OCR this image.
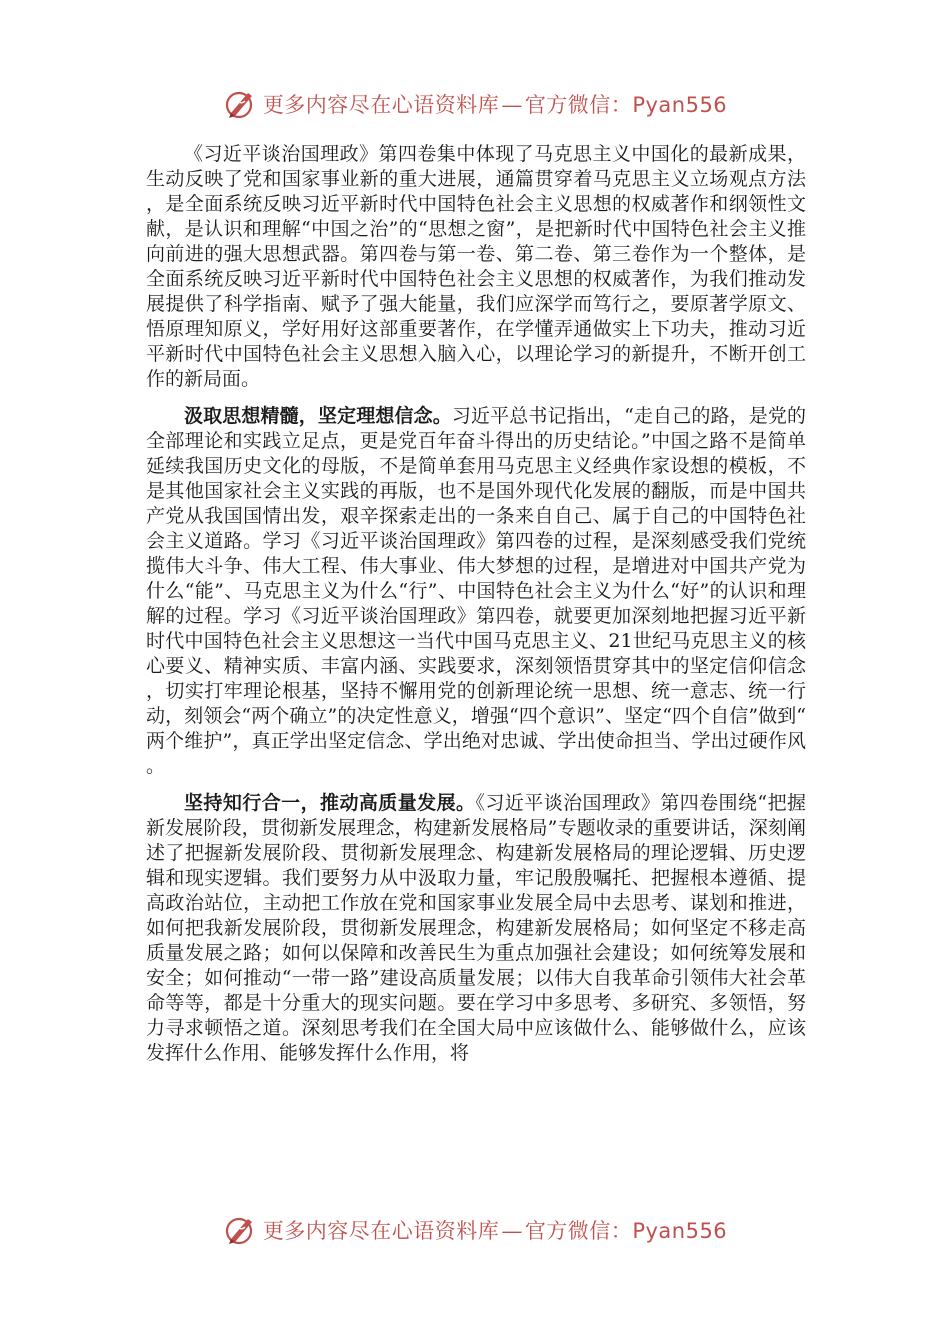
更多内容尽在心语资料库—官方微信：Pyan556

《习近平谈治国理政》第四卷集中体现了马克思主义中国化的最新成果，生动反映了党和国家事业新的重大进展，通篇贯穿着马克思主义立场观点方法，是全面系统反映习近平新时代中国特色社会主义思想的权威著作和纲领性文献，是认识和理解“中国之治”的“思想之窗”，是把新时代中国特色社会主义推向前进的强大思想武器。第四卷与第一卷、第二卷、第三卷作为一个整体，是全面系统反映习近平新时代中国特色社会主义思想的权威著作，为我们推动发展提供了科学指南、赋予了强大能量，我们应深学而笃行之，要原著学原文、悟原理知原义，学好用好这部重要著作，在学懂弄通做实上下功夫，推动习近平新时代中国特色社会主义思想入脑入心，以理论学习的新提升，不断开创工作的新局面。

汲取思想精髓，坚定理想信念。习近平总书记指出，“走自己的路，是党的全部理论和实践立足点，更是党百年奋斗得出的历史结论。”中国之路不是简单延续我国历史文化的母版，不是简单套用马克思主义经典作家设想的模板，不是其他国家社会主义实践的再版，也不是国外现代化发展的翻版，而是中国共产党从我国国情出发，艰辛探索走出的一条来自自己、属于自己的中国特色社会主义道路。学习《习近平谈治国理政》第四卷的过程，是深刻感受我们党统揽伟大斗争、伟大工程、伟大事业、伟大梦想的过程，是增进对中国共产党为什么“能”、马克思主义为什么“行”、中国特色社会主义为什么“好”的认识和理解的过程。学习《习近平谈治国理政》第四卷，就要更加深刻地把握习近平新时代中国特色社会主义思想这一当代中国马克思主义、21世纪马克思主义的核心要义、精神实质、丰富内涵、实践要求，深刻领悟贯穿其中的坚定信仰信念，切实打牢理论根基，坚持不懈用党的创新理论统一思想、统一意志、统一行动，刻领会“两个确立”的决定性意义，增强“四个意识”、坚定“四个自信”做到“两个维护”，真正学出坚定信念、学出绝对忠诚、学出使命担当、学出过硬作风。

坚持知行合一，推动高质量发展。《习近平谈治国理政》第四卷围绕“把握新发展阶段，贯彻新发展理念，构建新发展格局”专题收录的重要讲话，深刻阐述了把握新发展阶段、贯彻新发展理念、构建新发展格局的理论逻辑、历史逻辑和现实逻辑。我们要努力从中汲取力量，牢记殷殷嘱托、把握根本遵循、提高政治站位，主动把工作放在党和国家事业发展全局中去思考、谋划和推进，如何把我新发展阶段，贯彻新发展理念，构建新发展格局；如何坚定不移走高质量发展之路；如何以保障和改善民生为重点加强社会建设；如何统筹发展和安全；如何推动“一带一路”建设高质量发展；以伟大自我革命引领伟大社会革命等等，都是十分重大的现实问题。要在学习中多思考、多研究、多领悟，努力寻求顿悟之道。深刻思考我们在全国大局中应该做什么、能够做什么，应该发挥什么作用、能够发挥什么作用，将

更多内容尽在心语资料库—官方微信：Pyan556
